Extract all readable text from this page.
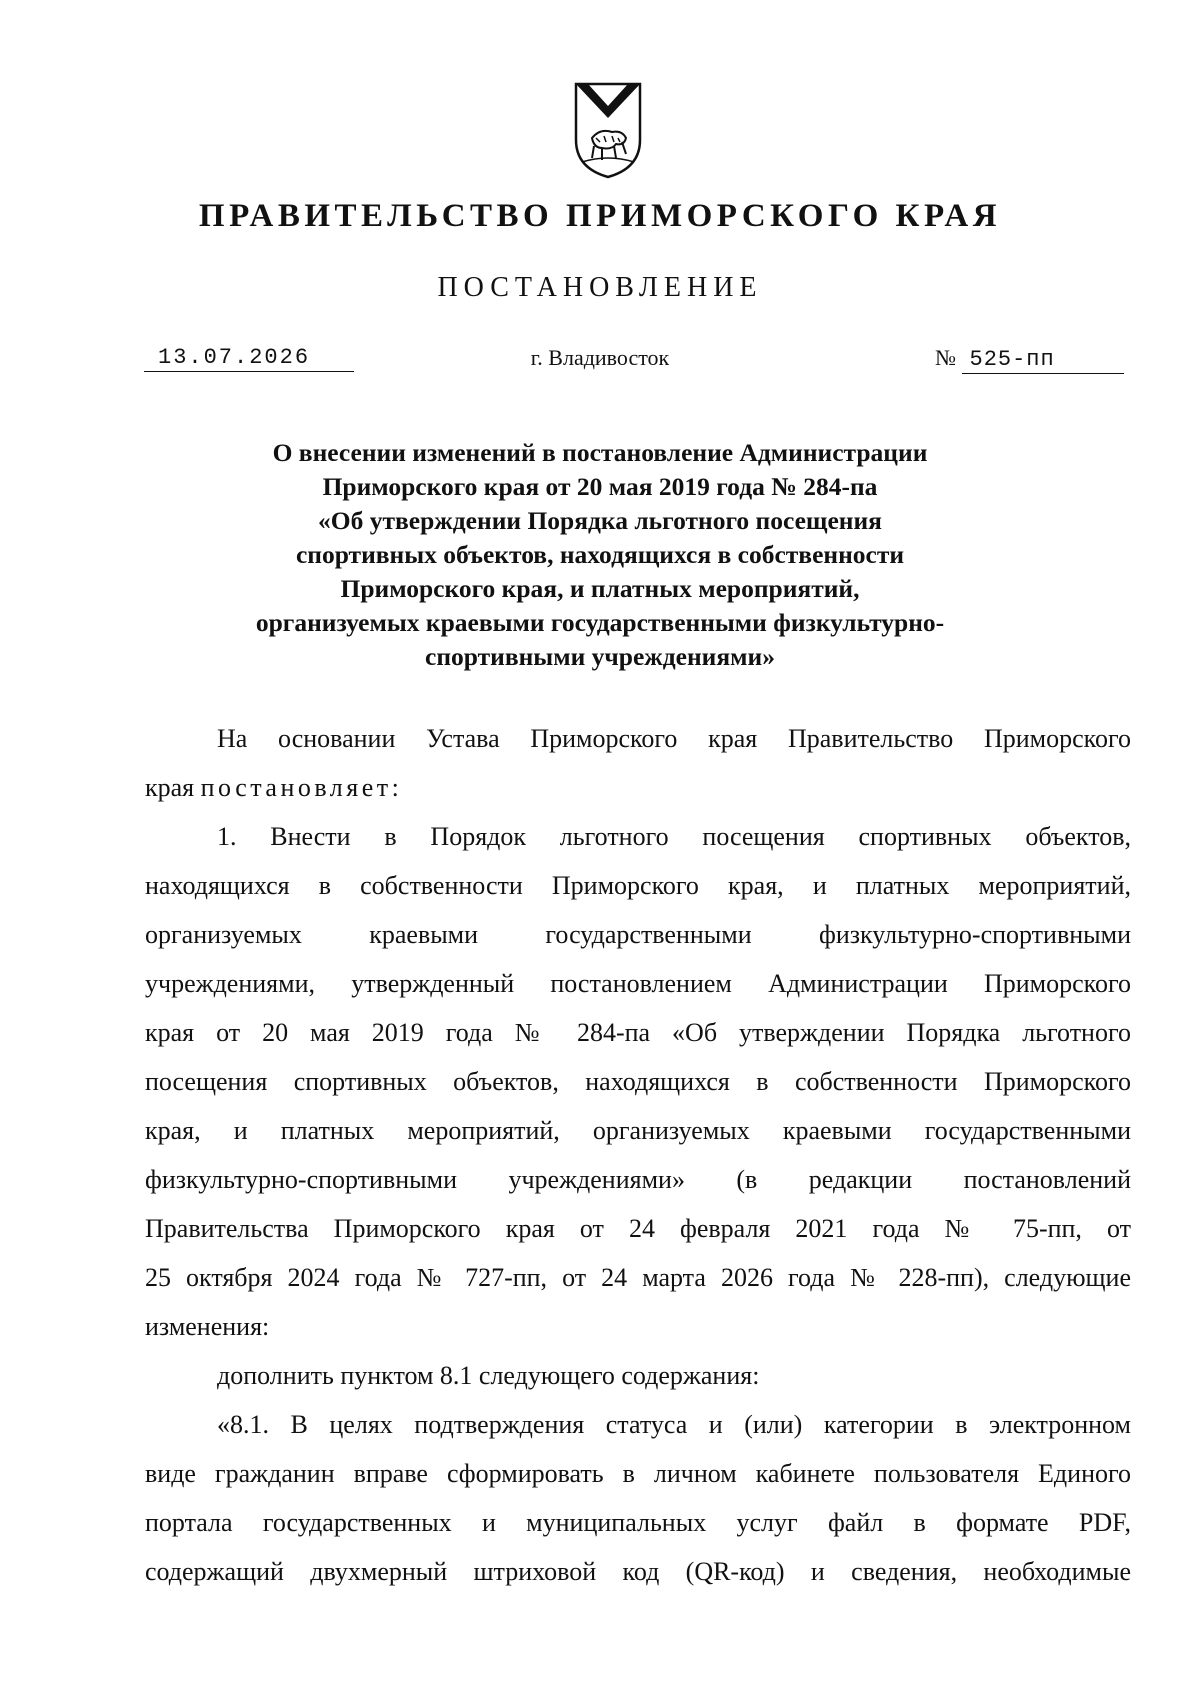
ПРАВИТЕЛЬСТВО ПРИМОРСКОГО КРАЯ
ПОСТАНОВЛЕНИЕ
13.07.2026	г. Владивосток	№ 525-пп
О внесении изменений в постановление Администрации
Приморского края от 20 мая 2019 года № 284-па
«Об утверждении Порядка льготного посещения
спортивных объектов, находящихся в собственности
Приморского края, и платных мероприятий,
организуемых краевыми государственными физкультурно-
спортивными учреждениями»
На основании Устава Приморского края Правительство Приморского
края постановляет:
1. Внести в Порядок льготного посещения спортивных объектов,
находящихся в собственности Приморского края, и платных мероприятий,
организуемых краевыми государственными физкультурно-спортивными
учреждениями, утвержденный постановлением Администрации Приморского
края от 20 мая 2019 года № 284-па «Об утверждении Порядка льготного
посещения спортивных объектов, находящихся в собственности Приморского
края, и платных мероприятий, организуемых краевыми государственными
физкультурно-спортивными учреждениями» (в редакции постановлений
Правительства Приморского края от 24 февраля 2021 года № 75-пп, от
25 октября 2024 года № 727-пп, от 24 марта 2026 года № 228-пп), следующие
изменения:
дополнить пунктом 8.1 следующего содержания:
«8.1. В целях подтверждения статуса и (или) категории в электронном
виде гражданин вправе сформировать в личном кабинете пользователя Единого
портала государственных и муниципальных услуг файл в формате PDF,
содержащий двухмерный штриховой код (QR-код) и сведения, необходимые
